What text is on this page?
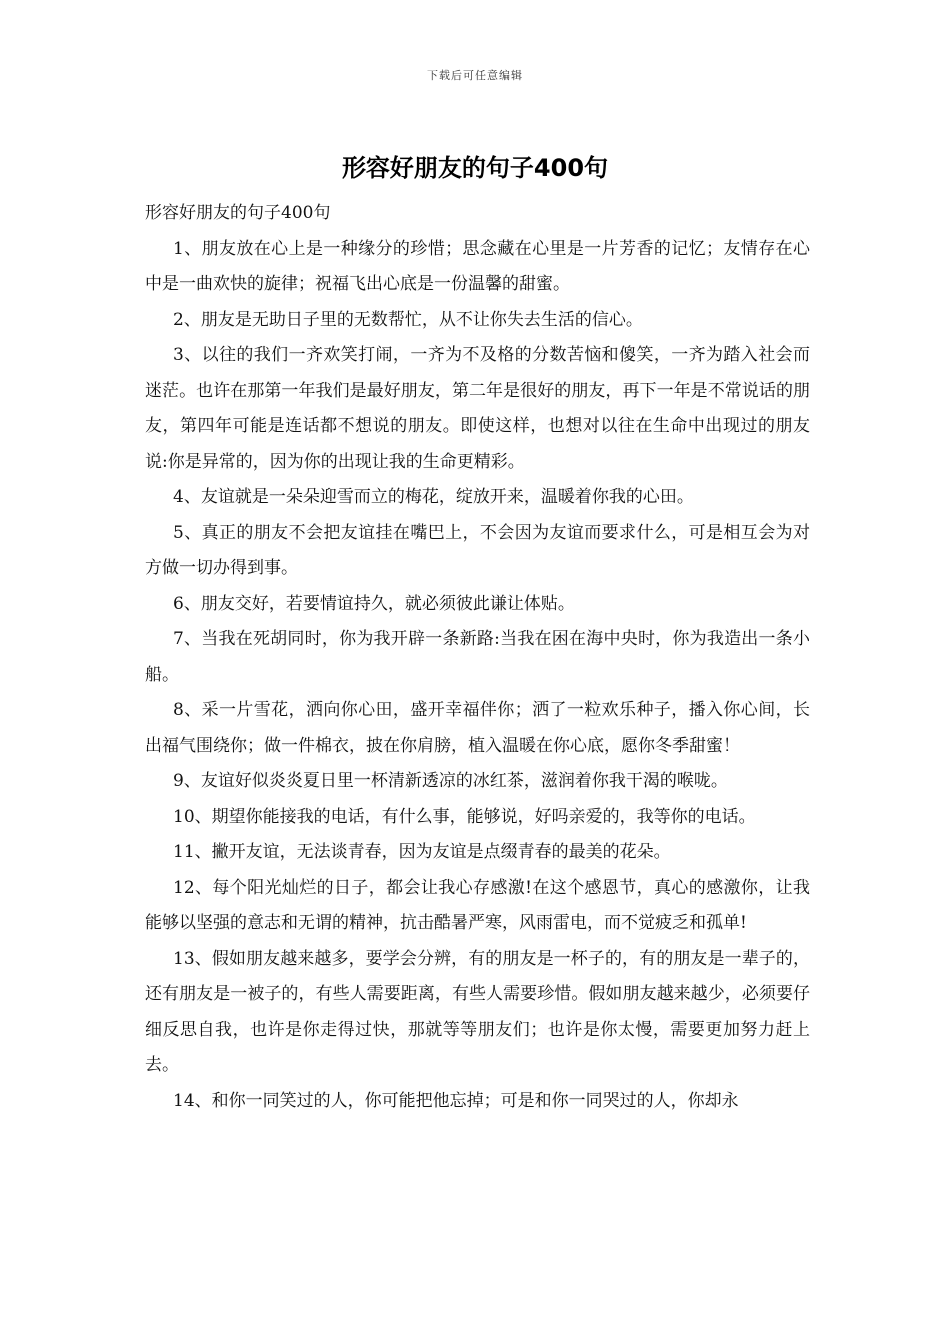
下载后可任意编辑
形容好朋友的句子400句

形容好朋友的句子400句

1、朋友放在心上是一种缘分的珍惜；思念藏在心里是一片芳香的记忆；友情存在心中是一曲欢快的旋律；祝福飞出心底是一份温馨的甜蜜。

2、朋友是无助日子里的无数帮忙，从不让你失去生活的信心。

3、以往的我们一齐欢笑打闹，一齐为不及格的分数苦恼和傻笑，一齐为踏入社会而迷茫。也许在那第一年我们是最好朋友，第二年是很好的朋友，再下一年是不常说话的朋友，第四年可能是连话都不想说的朋友。即使这样，也想对以往在生命中出现过的朋友说:你是异常的，因为你的出现让我的生命更精彩。

4、友谊就是一朵朵迎雪而立的梅花，绽放开来，温暖着你我的心田。

5、真正的朋友不会把友谊挂在嘴巴上，不会因为友谊而要求什么，可是相互会为对方做一切办得到事。

6、朋友交好，若要情谊持久，就必须彼此谦让体贴。

7、当我在死胡同时，你为我开辟一条新路:当我在困在海中央时，你为我造出一条小船。

8、采一片雪花，洒向你心田，盛开幸福伴你；洒了一粒欢乐种子，播入你心间，长出福气围绕你；做一件棉衣，披在你肩膀，植入温暖在你心底，愿你冬季甜蜜！

9、友谊好似炎炎夏日里一杯清新透凉的冰红茶，滋润着你我干渴的喉咙。

10、期望你能接我的电话，有什么事，能够说，好吗亲爱的，我等你的电话。

11、撇开友谊，无法谈青春，因为友谊是点缀青春的最美的花朵。

12、每个阳光灿烂的日子，都会让我心存感激!在这个感恩节，真心的感激你，让我能够以坚强的意志和无谓的精神，抗击酷暑严寒，风雨雷电，而不觉疲乏和孤单!

13、假如朋友越来越多，要学会分辨，有的朋友是一杯子的，有的朋友是一辈子的，还有朋友是一被子的，有些人需要距离，有些人需要珍惜。假如朋友越来越少，必须要仔细反思自我，也许是你走得过快，那就等等朋友们；也许是你太慢，需要更加努力赶上去。

14、和你一同笑过的人，你可能把他忘掉；可是和你一同哭过的人，你却永
